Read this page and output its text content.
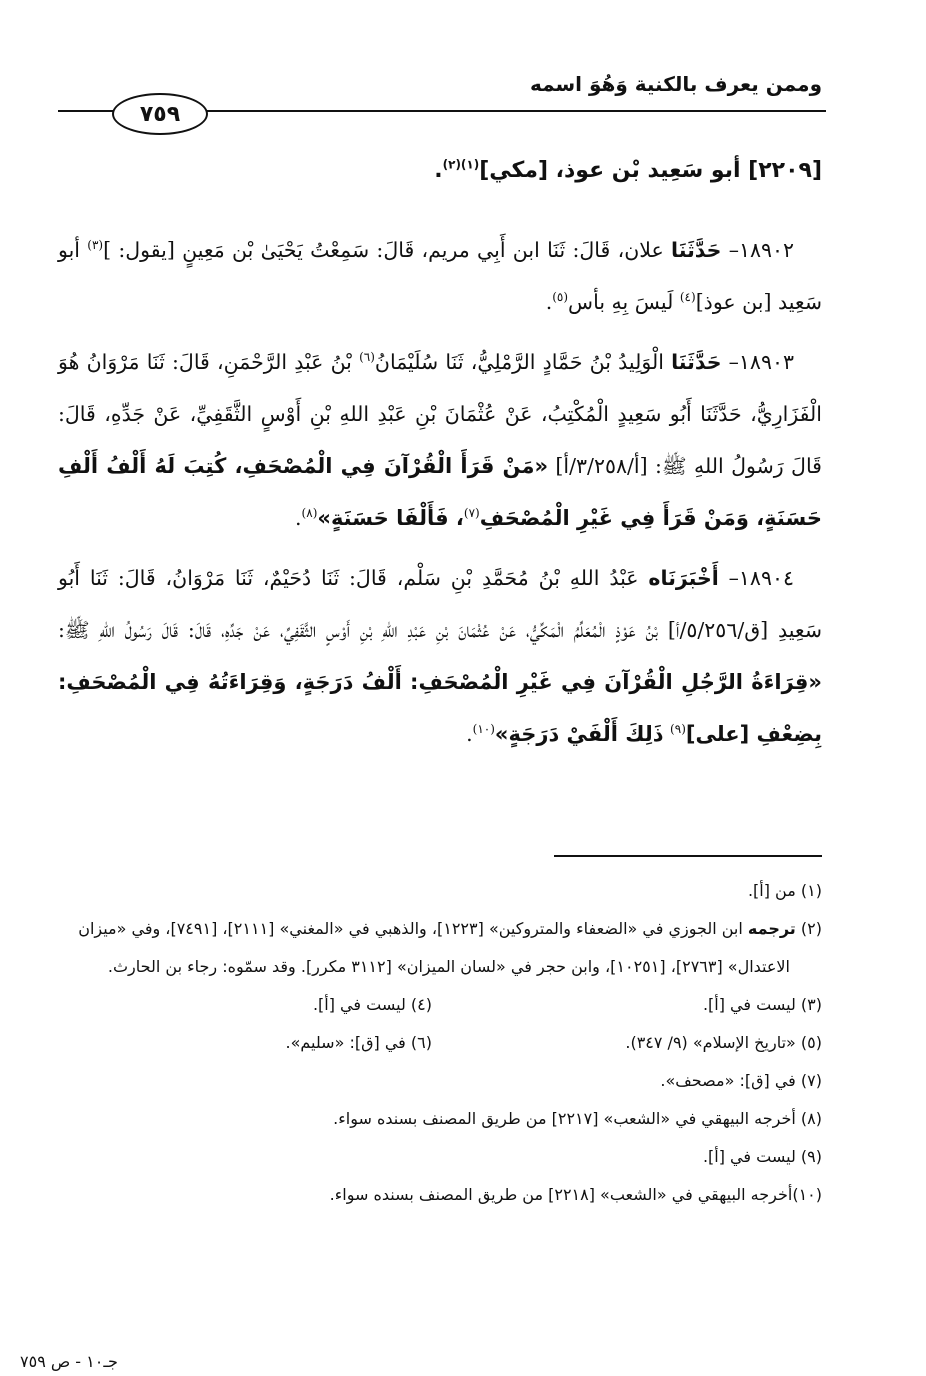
وممن يعرف بالكنية وَهُوَ اسمه
٧٥٩
[٢٢٠٩] أبو سَعِيد بْن عوذ، [مكي]$^{(١)(٢)}$.

١٨٩٠٢– حَدَّثَنَا علان، قَالَ: ثَنَا ابن أَبِي مريم، قَالَ: سَمِعْتُ يَحْيَىٰ بْن مَعِينٍ [يقول: ]$^{(٣)}$ أبو سَعِيد [بن عوذ]$^{(٤)}$ لَيسَ بِهِ بأس$^{(٥)}$.

١٨٩٠٣– حَدَّثَنَا الْوَلِيدُ بْنُ حَمَّادٍ الرَّمْلِيُّ، ثَنَا سُلَيْمَانُ$^{(٦)}$ بْنُ عَبْدِ الرَّحْمَنِ، قَالَ: ثَنَا مَرْوَانُ هُوَ الْفَزَارِيُّ، حَدَّثَنَا أَبُو سَعِيدٍ الْمُكْتِبُ، عَنْ عُثْمَانَ بْنِ عَبْدِ اللهِ بْنِ أَوْسٍ الثَّقَفِيِّ، عَنْ جَدِّهِ، قَالَ: قَالَ رَسُولُ اللهِ ﷺ: [أ/٣/٢٥٨/أ] «مَنْ قَرَأَ الْقُرْآنَ فِي الْمُصْحَفِ، كُتِبَ لَهُ أَلْفُ أَلْفِ حَسَنَةٍ، وَمَنْ قَرَأَ فِي غَيْرِ الْمُصْحَفِ$^{(٧)}$، فَأَلْفَا حَسَنَةٍ»$^{(٨)}$.

١٨٩٠٤– أَخْبَرَنَاه عَبْدُ اللهِ بْنُ مُحَمَّدِ بْنِ سَلْم، قَالَ: ثَنَا دُحَيْمٌ، ثَنَا مَرْوَانُ، قَالَ: ثَنَا أَبُو سَعِيدِ [ق/٥/٢٥٦/أ] بْنُ عَوْذٍ الْمُعَلِّمُ الْمَكِّيُّ، عَنْ عُثْمَانَ بْنِ عَبْدِ اللهِ بْنِ أَوْسٍ الثَّقَفِيِّ، عَنْ جَدِّهِ، قَالَ: قَالَ رَسُولُ اللهِ ﷺ: «قِرَاءَةُ الرَّجُلِ الْقُرْآنَ فِي غَيْرِ الْمُصْحَفِ: أَلْفُ دَرَجَةٍ، وَقِرَاءَتُهُ فِي الْمُصْحَفِ: بِضِعْفِ [على]$^{(٩)}$ ذَلِكَ أَلْفَيْ دَرَجَةٍ»$^{(١٠)}$.

(١) من [أ].

(٢) ترجمه ابن الجوزي في «الضعفاء والمتروكين» [١٢٢٣]، والذهبي في «المغني» [٢١١١]، [٧٤٩١]، وفي «ميزان الاعتدال» [٢٧٦٣]، [١٠٢٥١]، وابن حجر في «لسان الميزان» [٣١١٢ مكرر]. وقد سمّوه: رجاء بن الحارث.

(٣) ليست في [أ].
(٤) ليست في [أ].
(٥) «تاريخ الإسلام» (٩/ ٣٤٧).
(٦) في [ق]: «سليم».

(٧) في [ق]: «مصحف».

(٨) أخرجه البيهقي في «الشعب» [٢٢١٧] من طريق المصنف بسنده سواء.

(٩) ليست في [أ].

(١٠)أخرجه البيهقي في «الشعب» [٢٢١٨] من طريق المصنف بسنده سواء.

جـ١٠ - ص ٧٥٩
